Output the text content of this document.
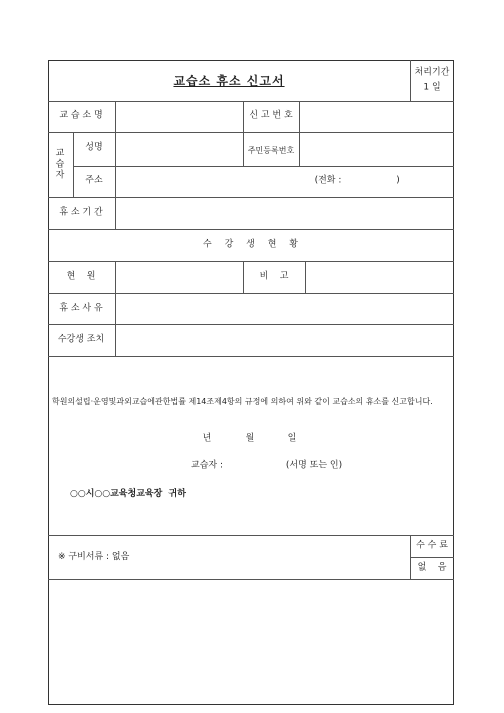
교습소 휴소 신고서
처리기간
1 일
교 습 소 명	신 고 번 호
교
습
자
성명	주민등록번호
주소	(전화 :	)
휴 소 기 간
수 강 생 현 황
현    원	비    고
휴 소 사 유
수강생 조치
학원의설립·운영및과외교습에관한법률 제14조제4항의 규정에 의하여 위와 같이 교습소의 휴소를 신고합니다.
년	월	일
교습자 :	(서명 또는 인)
○○시○○교육청교육장  귀하
※ 구비서류 : 없음
수 수 료
없    음
